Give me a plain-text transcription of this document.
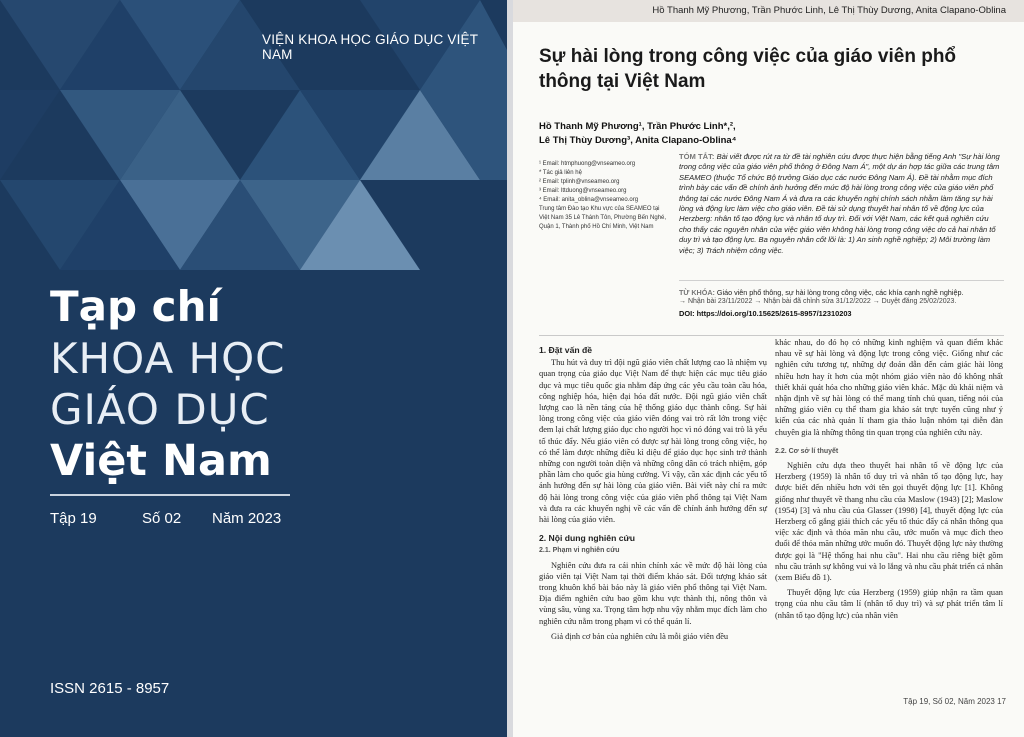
VIỆN KHOA HỌC GIÁO DỤC VIỆT NAM
Tạp chí
KHOA HỌC
GIÁO DỤC
Việt Nam
Tập 19	Số 02 Năm 2023
ISSN 2615 - 8957
Hồ Thanh Mỹ Phương, Trần Phước Linh, Lê Thị Thùy Dương, Anita Clapano-Oblina
Sự hài lòng trong công việc của giáo viên phổ thông tại Việt Nam
Hồ Thanh Mỹ Phương¹, Trần Phước Linh*,²,
Lê Thị Thùy Dương³, Anita Clapano-Oblina⁴
¹ Email: htmphuong@vnseameo.org
* Tác giả liên hệ
² Email: tplinh@vnseameo.org
³ Email: lttduong@vnseameo.org
⁴ Email: anita_oblina@vnseameo.org
Trung tâm Đào tạo Khu vực của SEAMEO tại Việt Nam 35 Lê Thánh Tôn, Phường Bến Nghé, Quận 1, Thành phố Hồ Chí Minh, Việt Nam
TÓM TẮT: Bài viết được rút ra từ đề tài nghiên cứu được thực hiện bằng tiếng Anh "Sự hài lòng trong công việc của giáo viên phổ thông ở Đông Nam Á", một dự án hợp tác giữa các trung tâm SEAMEO (thuộc Tổ chức Bộ trưởng Giáo dục các nước Đông Nam Á). Đề tài nhằm mục đích trình bày các vấn đề chính ảnh hưởng đến mức độ hài lòng trong công việc của giáo viên phổ thông tại các nước Đông Nam Á và đưa ra các khuyến nghị chính sách nhằm làm tăng sự hài lòng và động lực làm việc cho giáo viên. Đề tài sử dụng thuyết hai nhân tố về động lực của Herzberg: nhân tố tạo động lực và nhân tố duy trì. Đối với Việt Nam, các kết quả nghiên cứu cho thấy các nguyên nhân của việc giáo viên không hài lòng trong công việc do cả hai nhân tố duy trì và tạo động lực. Ba nguyên nhân cốt lõi là: 1) An sinh nghề nghiệp; 2) Môi trường làm việc; 3) Trách nhiệm công việc.
TỪ KHÓA: Giáo viên phổ thông, sự hài lòng trong công việc, các khía cạnh nghề nghiệp.
→ Nhận bài 23/11/2022 → Nhận bài đã chỉnh sửa 31/12/2022 → Duyệt đăng 25/02/2023.
DOI: https://doi.org/10.15625/2615-8957/12310203
1. Đặt vấn đề

Thu hút và duy trì đội ngũ giáo viên chất lượng cao là nhiệm vụ quan trọng của giáo dục Việt Nam để thực hiện các mục tiêu giáo dục và mục tiêu quốc gia nhằm đáp ứng các yêu cầu toàn cầu hóa, công nghiệp hóa, hiện đại hóa đất nước. Đội ngũ giáo viên chất lượng cao là nền tảng của hệ thống giáo dục thành công. Sự hài lòng trong công việc của giáo viên đóng vai trò rất lớn trong việc đem lại chất lượng giáo dục cho người học vì nó đóng vai trò là yếu tố thúc đẩy. Nếu giáo viên có được sự hài lòng trong công việc, họ có thể làm được những điều kì diệu để giáo dục học sinh trở thành những con người toàn diện và những công dân có trách nhiệm, góp phần làm cho quốc gia hùng cường. Vì vậy, cần xác định các yếu tố ảnh hưởng đến sự hài lòng của giáo viên. Bài viết này chỉ ra mức độ hài lòng trong công việc của giáo viên phổ thông tại Việt Nam và đưa ra các khuyến nghị về các vấn đề chính ảnh hưởng đến sự hài lòng của giáo viên.

2. Nội dung nghiên cứu
2.1. Phạm vi nghiên cứu

Nghiên cứu đưa ra cái nhìn chính xác về mức độ hài lòng của giáo viên tại Việt Nam tại thời điểm khảo sát. Đối tượng khảo sát trong khuôn khổ bài báo này là giáo viên phổ thông tại Việt Nam. Địa điểm nghiên cứu bao gồm khu vực thành thị, nông thôn và vùng sâu, vùng xa. Trọng tâm hợp nhu vậy nhằm mục đích làm cho nghiên cứu nằm trong phạm vi có thể quản lí.

Giả định cơ bản của nghiên cứu là mỗi giáo viên đều

khác nhau, do đó họ có những kinh nghiệm và quan điểm khác nhau về sự hài lòng và động lực trong công việc. Giống như các nghiên cứu tương tự, những dự đoán dẫn đến cảm giác hài lòng nhiều hơn hay ít hơn của một nhóm giáo viên nào đó không nhất thiết khái quát hóa cho những giáo viên khác. Mặc dù khái niệm và nhận định về sự hài lòng có thể mang tính chủ quan, tiếng nói của những giáo viên cụ thể tham gia khảo sát trực tuyến cũng như ý kiến của các nhà quản lí tham gia thảo luận nhóm tại diễn đàn chuyên gia là những thông tin quan trọng của nghiên cứu này.

2.2. Cơ sở lí thuyết

Nghiên cứu dựa theo thuyết hai nhân tố về động lực của Herzberg (1959) là nhân tố duy trì và nhân tố tạo động lực, hay được biết đến nhiều hơn với tên gọi thuyết động lực [1]. Không giống như thuyết về thang nhu cầu của Maslow (1943) [2]; Maslow (1954) [3] và nhu cầu của Glasser (1998) [4], thuyết động lực của Herzberg cố gắng giải thích các yếu tố thúc đẩy cá nhân thông qua việc xác định và thỏa mãn nhu cầu, ước muốn và mục đích theo đuổi để thỏa mãn những ước muốn đó. Thuyết động lực này thường được gọi là "Hệ thống hai nhu cầu". Hai nhu cầu riêng biệt gồm nhu cầu tránh sự không vui và lo lắng và nhu cầu phát triển cá nhân (xem Biểu đồ 1).

Thuyết động lực của Herzberg (1959) giúp nhận ra tầm quan trọng của nhu cầu tâm lí (nhân tố duy trì) và sự phát triển tâm lí (nhân tố tạo động lực) của nhân viên

Tập 19, Số 02, Năm 2023 17
